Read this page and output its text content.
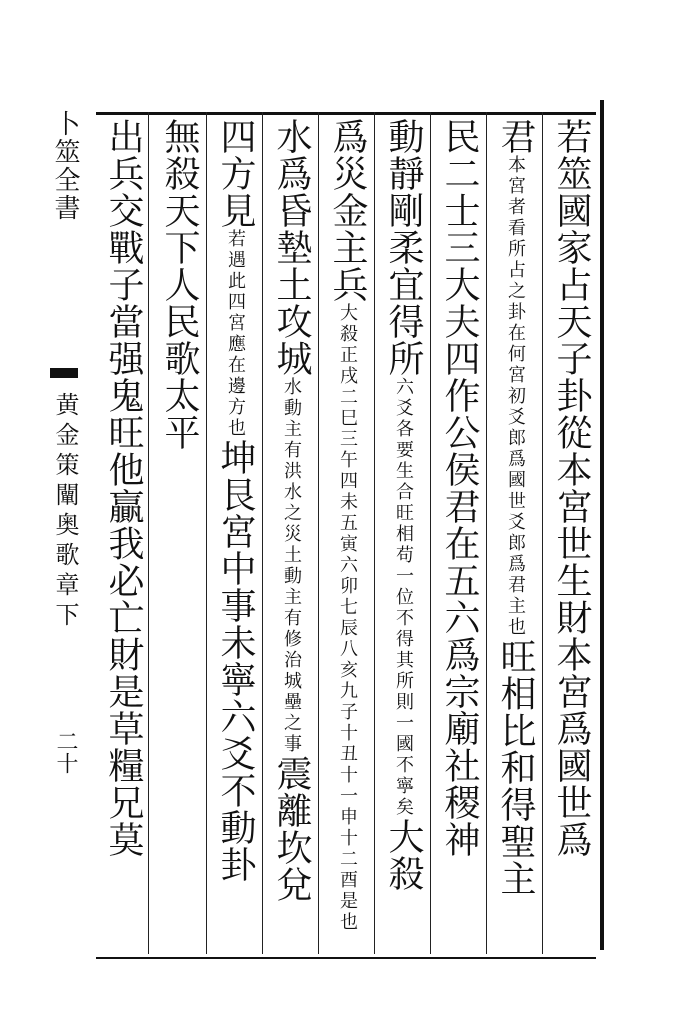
卜筮全書
黄金策闡奥歌章下
二十
若筮國家占天子卦從本宮世生財本宮爲國世爲
君本宮者看所占之卦在何宮初爻郎爲國世爻郎爲君主也旺相比和得聖主
民二士三大夫四作公侯君在五六爲宗廟社稷神
動靜剛柔宜得所六爻各要生合旺相苟一位不得其所則一國不寧矣大殺
爲災金主兵大殺正戌二巳三午四未五寅六卯七辰八亥九子十丑十一申十二酉是也
水爲昏墊土攻城水動主有洪水之災土動主有修治城壘之事震離坎兌
四方見若遇此四宮應在邊方也坤艮宮中事未寧六爻不動卦
無殺天下人民歌太平
出兵交戰子當强鬼旺他贏我必亡財是草糧兄莫
